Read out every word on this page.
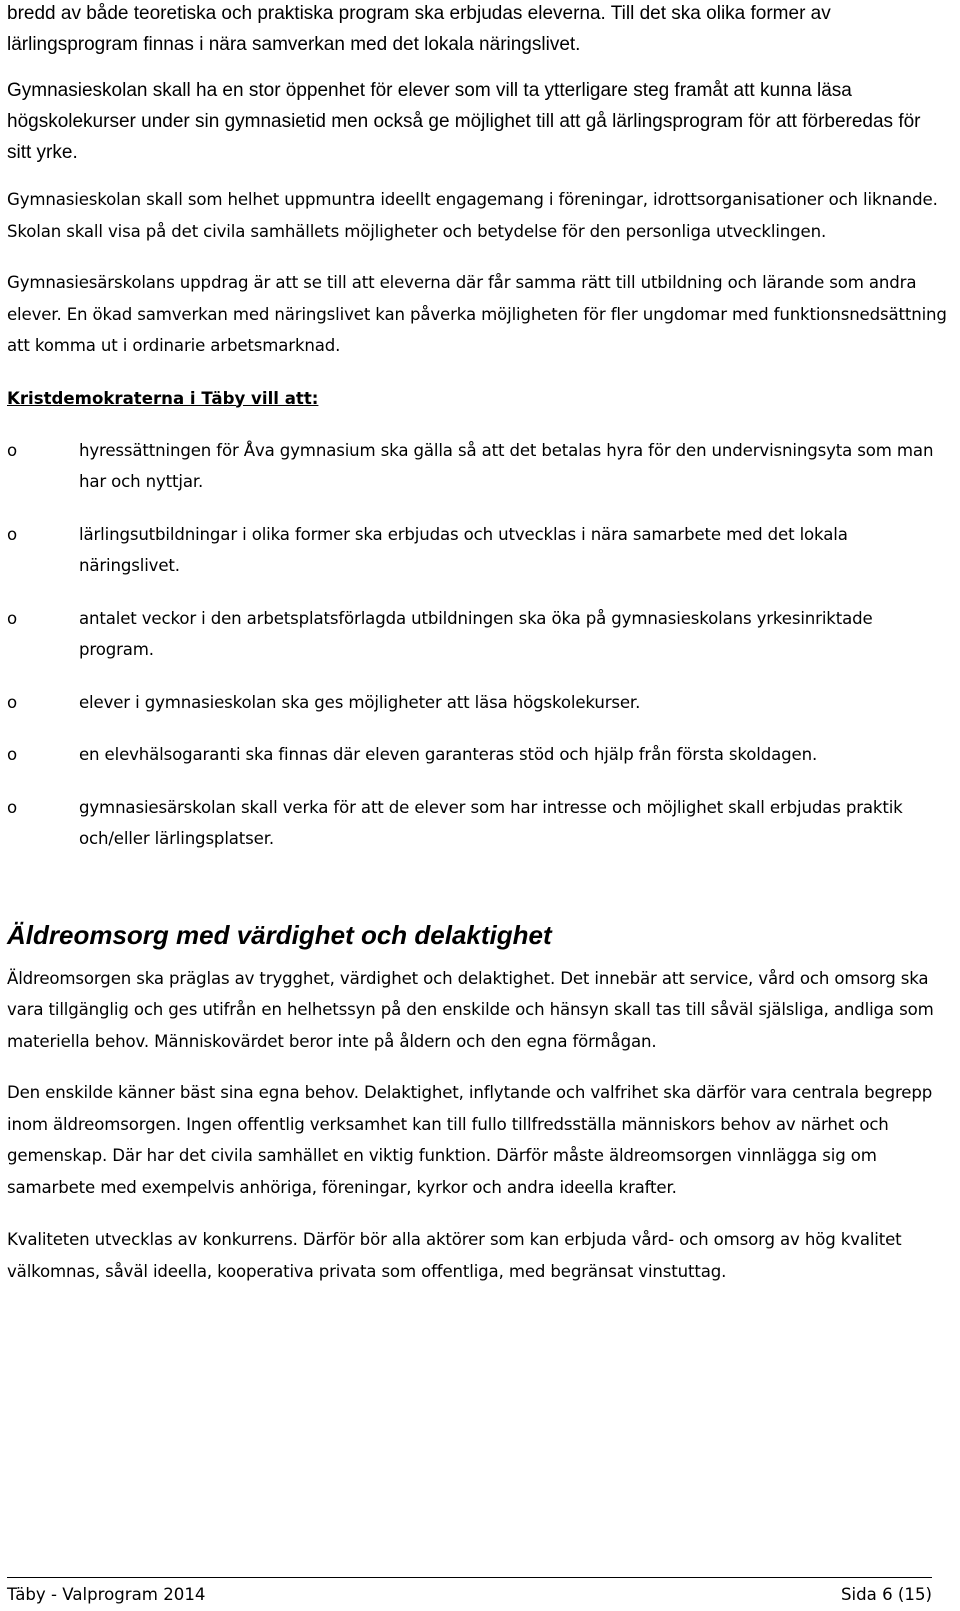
bredd av både teoretiska och praktiska program ska erbjudas eleverna. Till det ska olika former av lärlingsprogram finnas i nära samverkan med det lokala näringslivet.

Gymnasieskolan skall ha en stor öppenhet för elever som vill ta ytterligare steg framåt att kunna läsa högskolekurser under sin gymnasietid men också ge möjlighet till att gå lärlingsprogram för att förberedas för sitt yrke.

Gymnasieskolan skall som helhet uppmuntra ideellt engagemang i föreningar, idrottsorganisationer och liknande. Skolan skall visa på det civila samhällets möjligheter och betydelse för den personliga utvecklingen.

Gymnasiesärskolans uppdrag är att se till att eleverna där får samma rätt till utbildning och lärande som andra elever. En ökad samverkan med näringslivet kan påverka möjligheten för fler ungdomar med funktionsnedsättning att komma ut i ordinarie arbetsmarknad.

Kristdemokraterna i Täby vill att:

o	hyressättningen för Åva gymnasium ska gälla så att det betalas hyra för den undervisningsyta som man har och nyttjar.
o	lärlingsutbildningar i olika former ska erbjudas och utvecklas i nära samarbete med det lokala näringslivet.
o	antalet veckor i den arbetsplatsförlagda utbildningen ska öka på gymnasieskolans yrkesinriktade program.
o	elever i gymnasieskolan ska ges möjligheter att läsa högskolekurser.
o	en elevhälsogaranti ska finnas där eleven garanteras stöd och hjälp från första skoldagen.
o	gymnasiesärskolan skall verka för att de elever som har intresse och möjlighet skall erbjudas praktik och/eller lärlingsplatser.
Äldreomsorg med värdighet och delaktighet

Äldreomsorgen ska präglas av trygghet, värdighet och delaktighet. Det innebär att service, vård och omsorg ska vara tillgänglig och ges utifrån en helhetssyn på den enskilde och hänsyn skall tas till såväl själsliga, andliga som materiella behov. Människovärdet beror inte på åldern och den egna förmågan.

Den enskilde känner bäst sina egna behov. Delaktighet, inflytande och valfrihet ska därför vara centrala begrepp inom äldreomsorgen. Ingen offentlig verksamhet kan till fullo tillfredsställa människors behov av närhet och gemenskap. Där har det civila samhället en viktig funktion. Därför måste äldreomsorgen vinnlägga sig om samarbete med exempelvis anhöriga, föreningar, kyrkor och andra ideella krafter.

Kvaliteten utvecklas av konkurrens. Därför bör alla aktörer som kan erbjuda vård- och omsorg av hög kvalitet välkomnas, såväl ideella, kooperativa privata som offentliga, med begränsat vinstuttag.

Täby - Valprogram 2014	Sida 6 (15)
